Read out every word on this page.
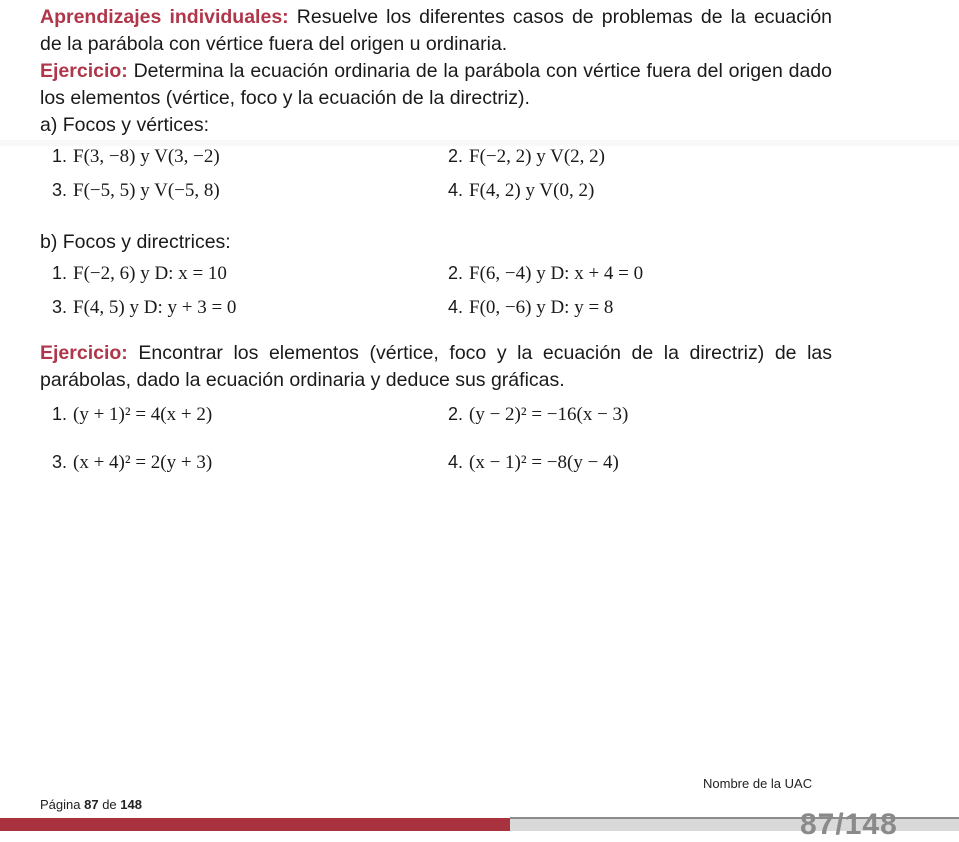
Aprendizajes individuales: Resuelve los diferentes casos de problemas de la ecuación de la parábola con vértice fuera del origen u ordinaria.

Ejercicio: Determina la ecuación ordinaria de la parábola con vértice fuera del origen dado los elementos (vértice, foco y la ecuación de la directriz).

a) Focos y vértices:

1. F(3, −8) y V(3, −2)	2. F(−2, 2) y V(2, 2)
3. F(−5, 5) y V(−5, 8)	4. F(4, 2) y V(0, 2)

b) Focos y directrices:

1. F(−2, 6) y D: x = 10	2. F(6, −4) y D: x + 4 = 0
3. F(4, 5) y D: y + 3 = 0	4. F(0, −6) y D: y = 8

Ejercicio: Encontrar los elementos (vértice, foco y la ecuación de la directriz) de las parábolas, dado la ecuación ordinaria y deduce sus gráficas.

1. (y + 1)² = 4(x + 2)	2. (y − 2)² = −16(x − 3)
3. (x + 4)² = 2(y + 3)	4. (x − 1)² = −8(y − 4)
Nombre de la UAC
Página 87 de 148
87/148
